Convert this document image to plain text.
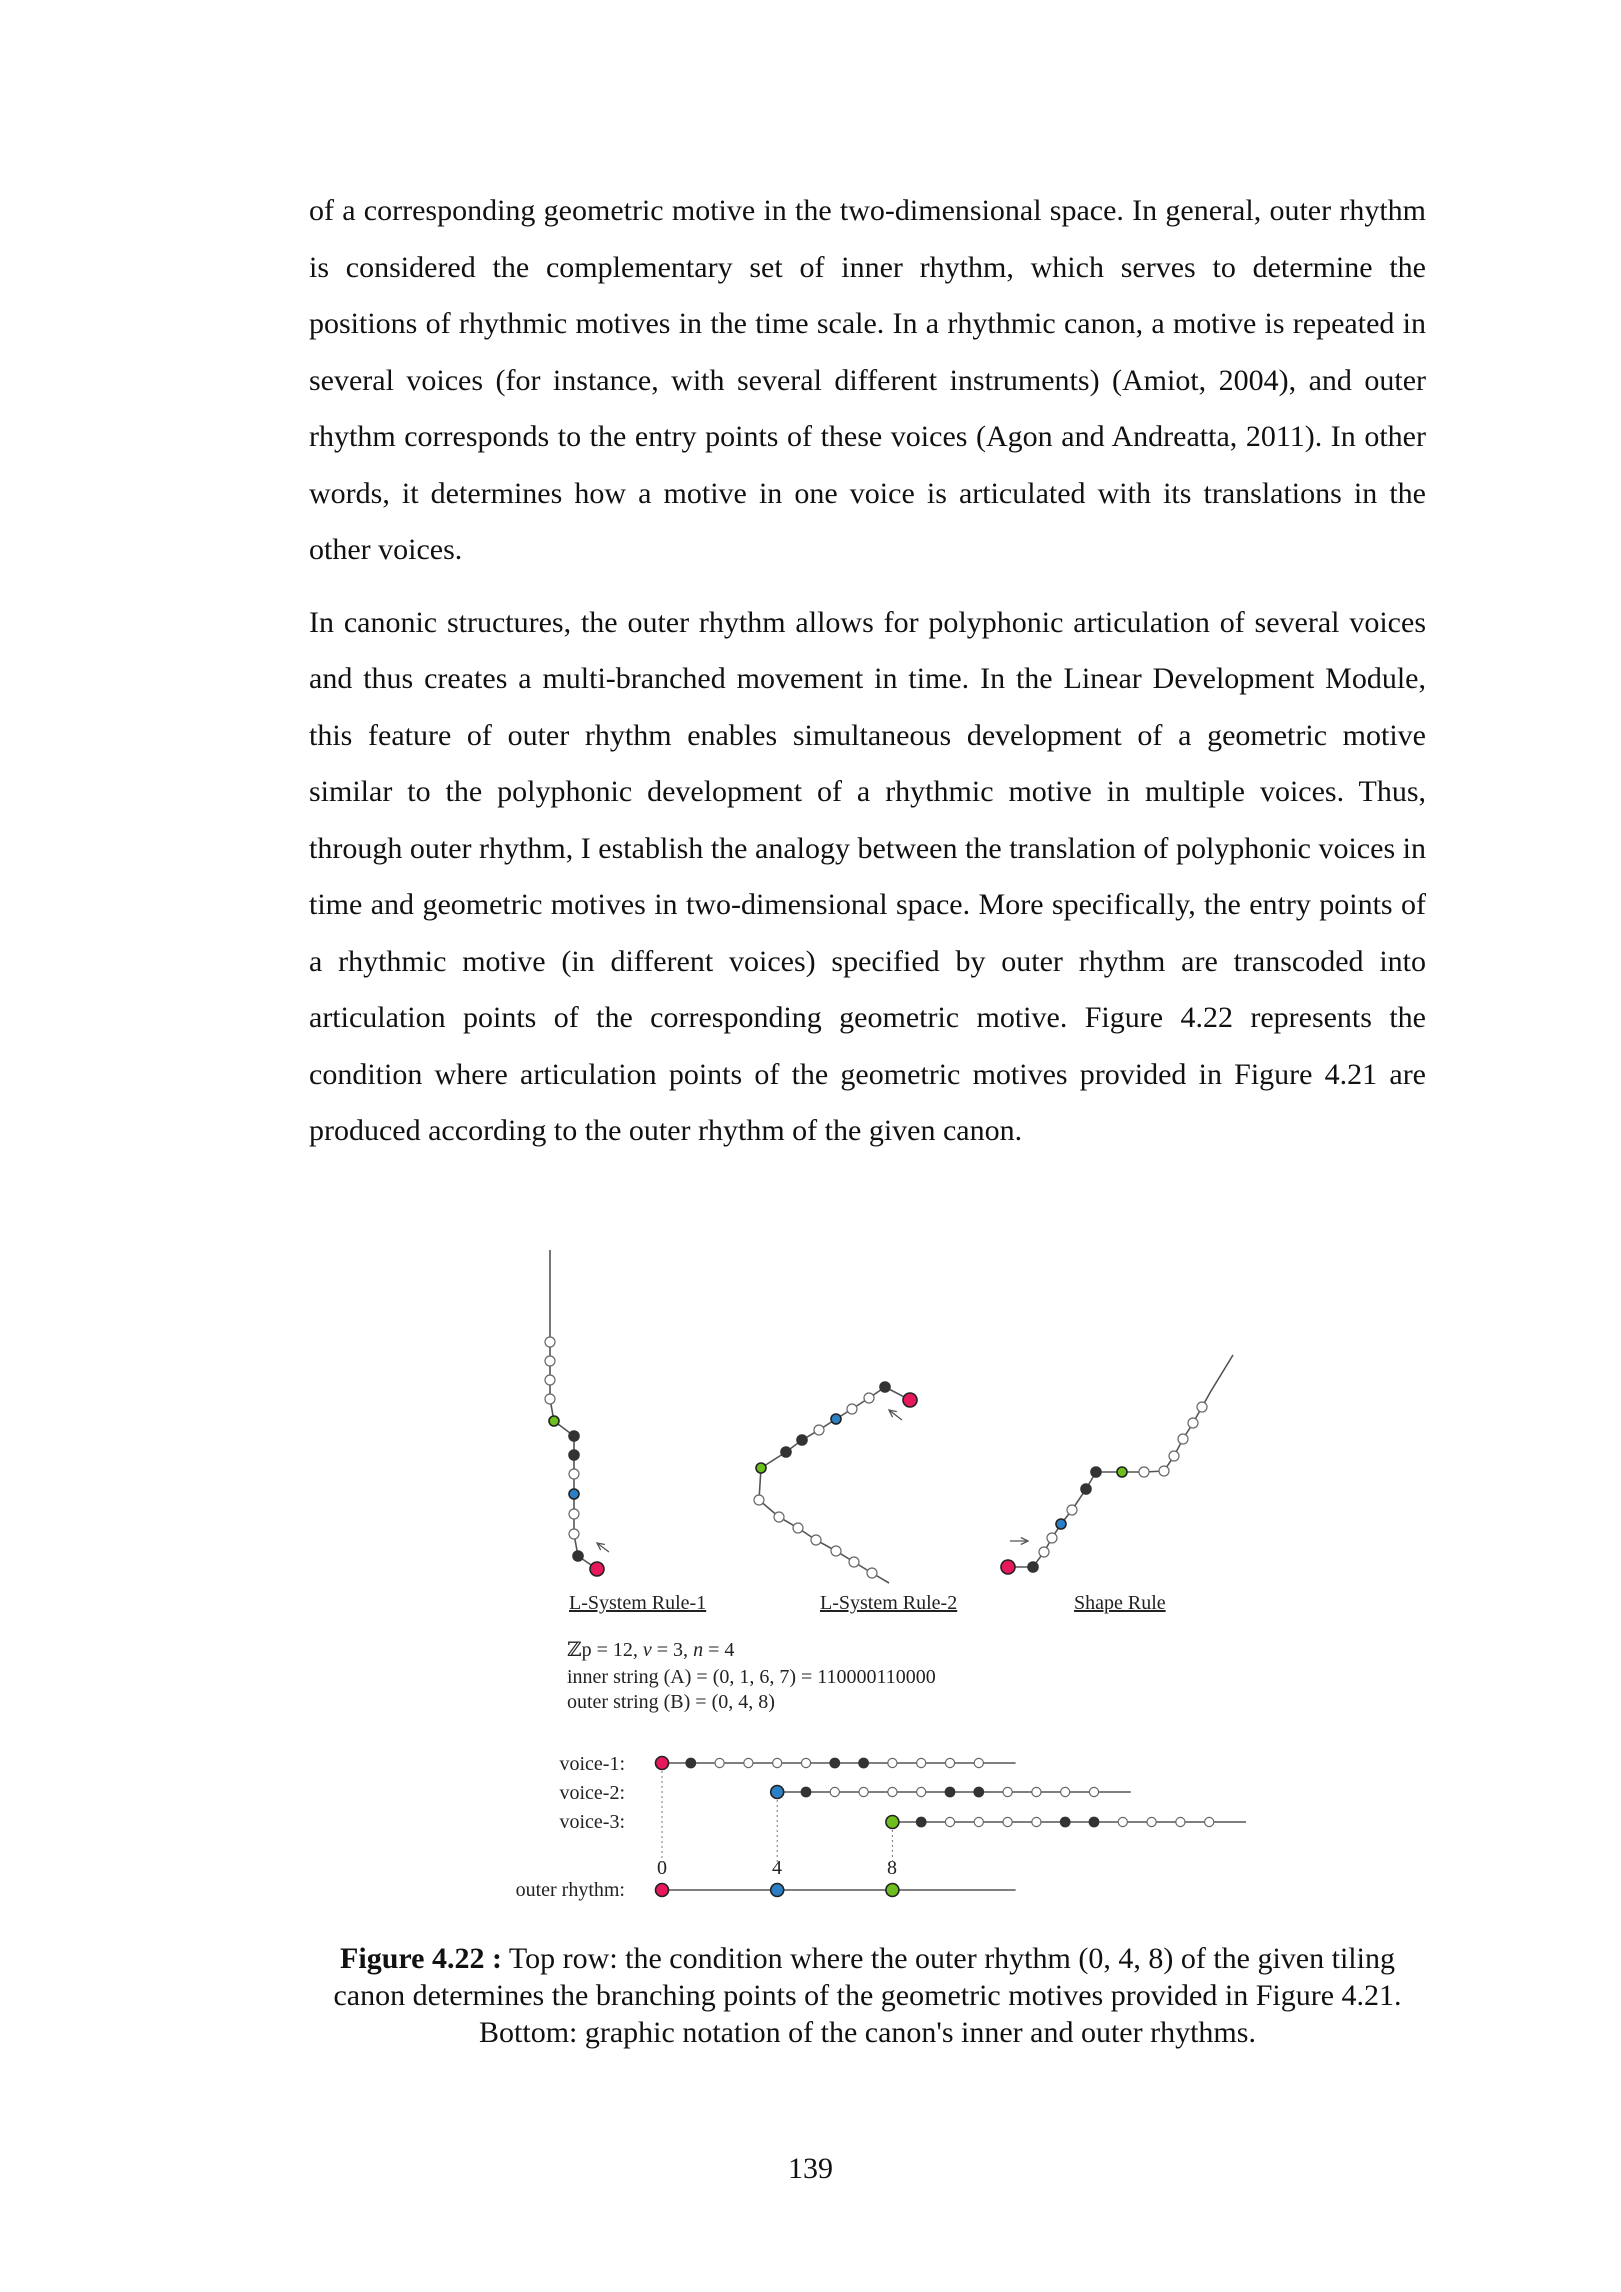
of a corresponding geometric motive in the two-dimensional space. In general, outer rhythm is considered the complementary set of inner rhythm, which serves to determine the positions of rhythmic motives in the time scale. In a rhythmic canon, a motive is repeated in several voices (for instance, with several different instruments) (Amiot, 2004), and outer rhythm corresponds to the entry points of these voices (Agon and Andreatta, 2011). In other words, it determines how a motive in one voice is articulated with its translations in the other voices.

In canonic structures, the outer rhythm allows for polyphonic articulation of several voices and thus creates a multi-branched movement in time. In the Linear Development Module, this feature of outer rhythm enables simultaneous development of a geometric motive similar to the polyphonic development of a rhythmic motive in multiple voices. Thus, through outer rhythm, I establish the analogy between the translation of polyphonic voices in time and geometric motives in two-dimensional space. More specifically, the entry points of a rhythmic motive (in different voices) specified by outer rhythm are transcoded into articulation points of the corresponding geometric motive. Figure 4.22 represents the condition where articulation points of the geometric motives provided in Figure 4.21 are produced according to the outer rhythm of the given canon.

L-System Rule-1	L-System Rule-2	Shape Rule
ℤp = 12, v = 3, n = 4
inner string (A) = (0, 1, 6, 7) = 110000110000
outer string (B) = (0, 4, 8)
voice-1:
voice-2:
voice-3:
outer rhythm:
0	4	8
Figure 4.22 : Top row: the condition where the outer rhythm (0, 4, 8) of the given tiling canon determines the branching points of the geometric motives provided in Figure 4.21. Bottom: graphic notation of the canon's inner and outer rhythms.
139
